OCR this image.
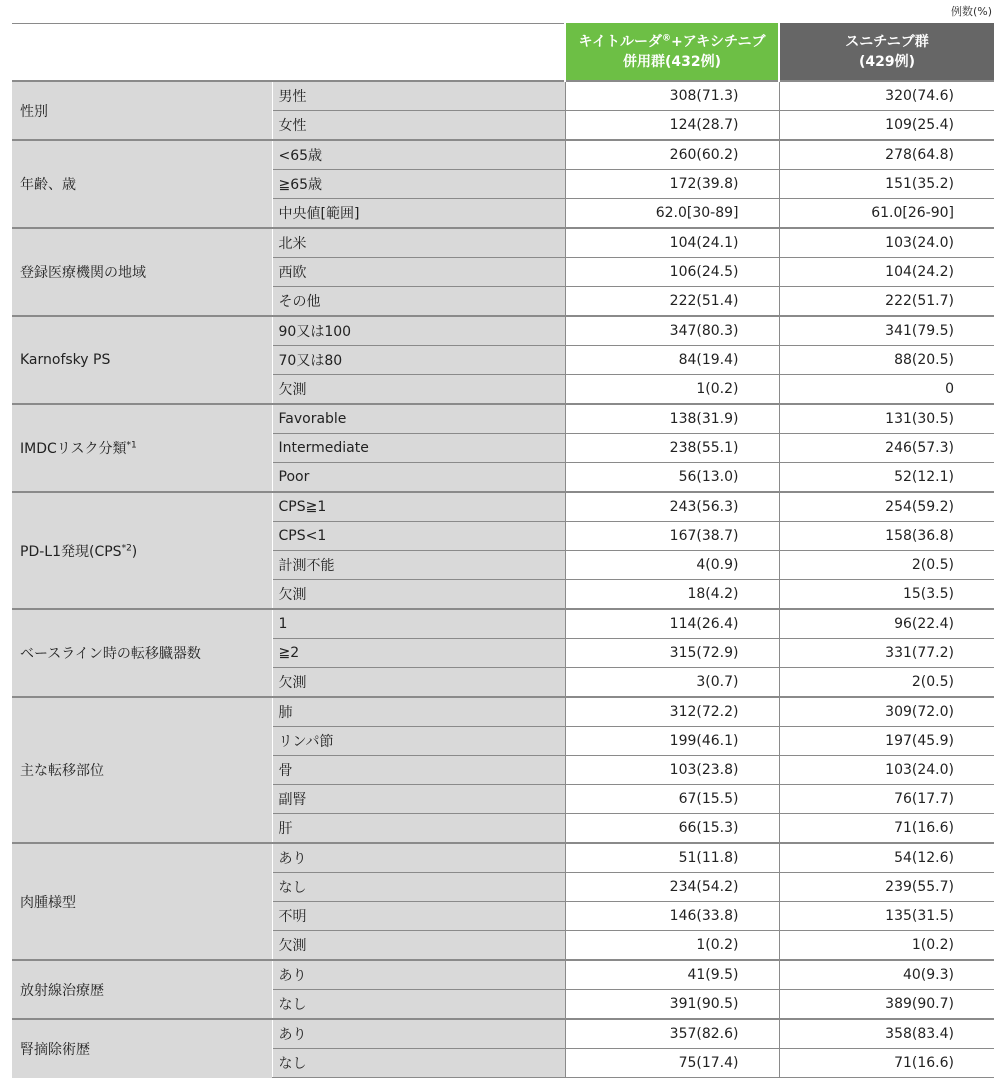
例数(%)
		キイトルーダ®+アキシチニブ
併用群(432例)	スニチニブ群
(429例)
性別	男性	308(71.3)	320(74.6)
	女性	124(28.7)	109(25.4)
年齢、歳	<65歳	260(60.2)	278(64.8)
	≧65歳	172(39.8)	151(35.2)
	中央値[範囲]	62.0[30-89]	61.0[26-90]
登録医療機関の地域	北米	104(24.1)	103(24.0)
	西欧	106(24.5)	104(24.2)
	その他	222(51.4)	222(51.7)
Karnofsky PS	90又は100	347(80.3)	341(79.5)
	70又は80	84(19.4)	88(20.5)
	欠測	1(0.2)	0
IMDCリスク分類$^{*1}$	Favorable	138(31.9)	131(30.5)
	Intermediate	238(55.1)	246(57.3)
	Poor	56(13.0)	52(12.1)
PD-L1発現(CPS$^{*2}$)	CPS≧1	243(56.3)	254(59.2)
	CPS<1	167(38.7)	158(36.8)
	計測不能	4(0.9)	2(0.5)
	欠測	18(4.2)	15(3.5)
ベースライン時の転移臓器数	1	114(26.4)	96(22.4)
	≧2	315(72.9)	331(77.2)
	欠測	3(0.7)	2(0.5)
主な転移部位	肺	312(72.2)	309(72.0)
	リンパ節	199(46.1)	197(45.9)
	骨	103(23.8)	103(24.0)
	副腎	67(15.5)	76(17.7)
	肝	66(15.3)	71(16.6)
肉腫様型	あり	51(11.8)	54(12.6)
	なし	234(54.2)	239(55.7)
	不明	146(33.8)	135(31.5)
	欠測	1(0.2)	1(0.2)
放射線治療歴	あり	41(9.5)	40(9.3)
	なし	391(90.5)	389(90.7)
腎摘除術歴	あり	357(82.6)	358(83.4)
	なし	75(17.4)	71(16.6)
